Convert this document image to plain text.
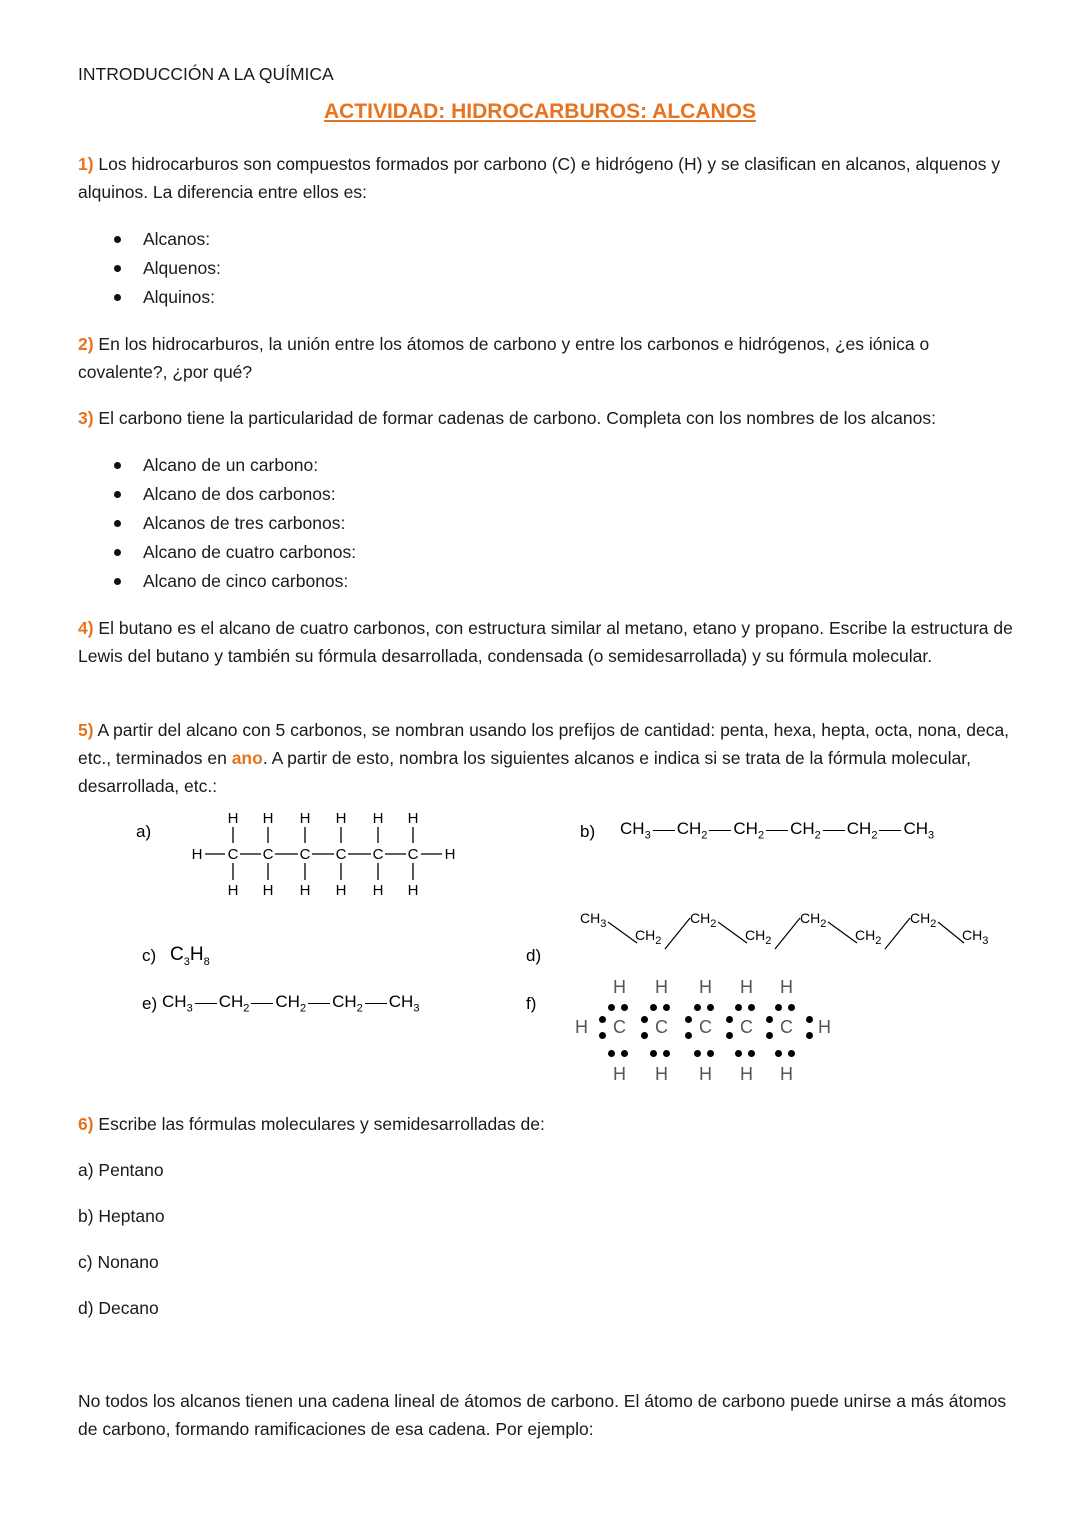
INTRODUCCIÓN A LA QUÍMICA
ACTIVIDAD: HIDROCARBUROS: ALCANOS
1) Los hidrocarburos son compuestos formados por carbono (C) e hidrógeno (H) y se clasifican en alcanos, alquenos y alquinos. La diferencia entre ellos es:
Alcanos:
Alquenos:
Alquinos:
2) En los hidrocarburos, la unión entre los átomos de carbono y entre los carbonos e hidrógenos, ¿es iónica o covalente?, ¿por qué?
3) El carbono tiene la particularidad de formar cadenas de carbono. Completa con los nombres de los alcanos:
Alcano de un carbono:
Alcano de dos carbonos:
Alcanos de tres carbonos:
Alcano de cuatro carbonos:
Alcano de cinco carbonos:
4) El butano es el alcano de cuatro carbonos, con estructura similar al metano, etano y propano. Escribe la estructura de Lewis del butano y también su fórmula desarrollada, condensada (o semidesarrollada) y su fórmula molecular.
5) A partir del alcano con 5 carbonos, se nombran usando los prefijos de cantidad: penta, hexa, hepta, octa, nona, deca, etc., terminados en ano. A partir de esto, nombra los siguientes alcanos e indica si se trata de la fórmula molecular, desarrollada, etc.:
a)
H	H
H
C
H
H
C
H
H
C
H
H
C
H
H
C
H
H
C
H
b) $CH_3$ $CH_2$ $CH_2$ $CH_2$ $CH_2$ $CH_3$
c) $C_3H_8$	d)
$CH_3$
$CH_2$
$CH_2$
$CH_2$
$CH_2$
$CH_2$
$CH_2$
$CH_3$
e) $CH_3$ $CH_2$ $CH_2$ $CH_2$ $CH_3$	f)
H	H
H
C
H
H
C
H
H
C
H
H
C
H
H
C
H
6) Escribe las fórmulas moleculares y semidesarrolladas de:
a) Pentano
b) Heptano
c) Nonano
d) Decano
No todos los alcanos tienen una cadena lineal de átomos de carbono. El átomo de carbono puede unirse a más átomos de carbono, formando ramificaciones de esa cadena. Por ejemplo:
